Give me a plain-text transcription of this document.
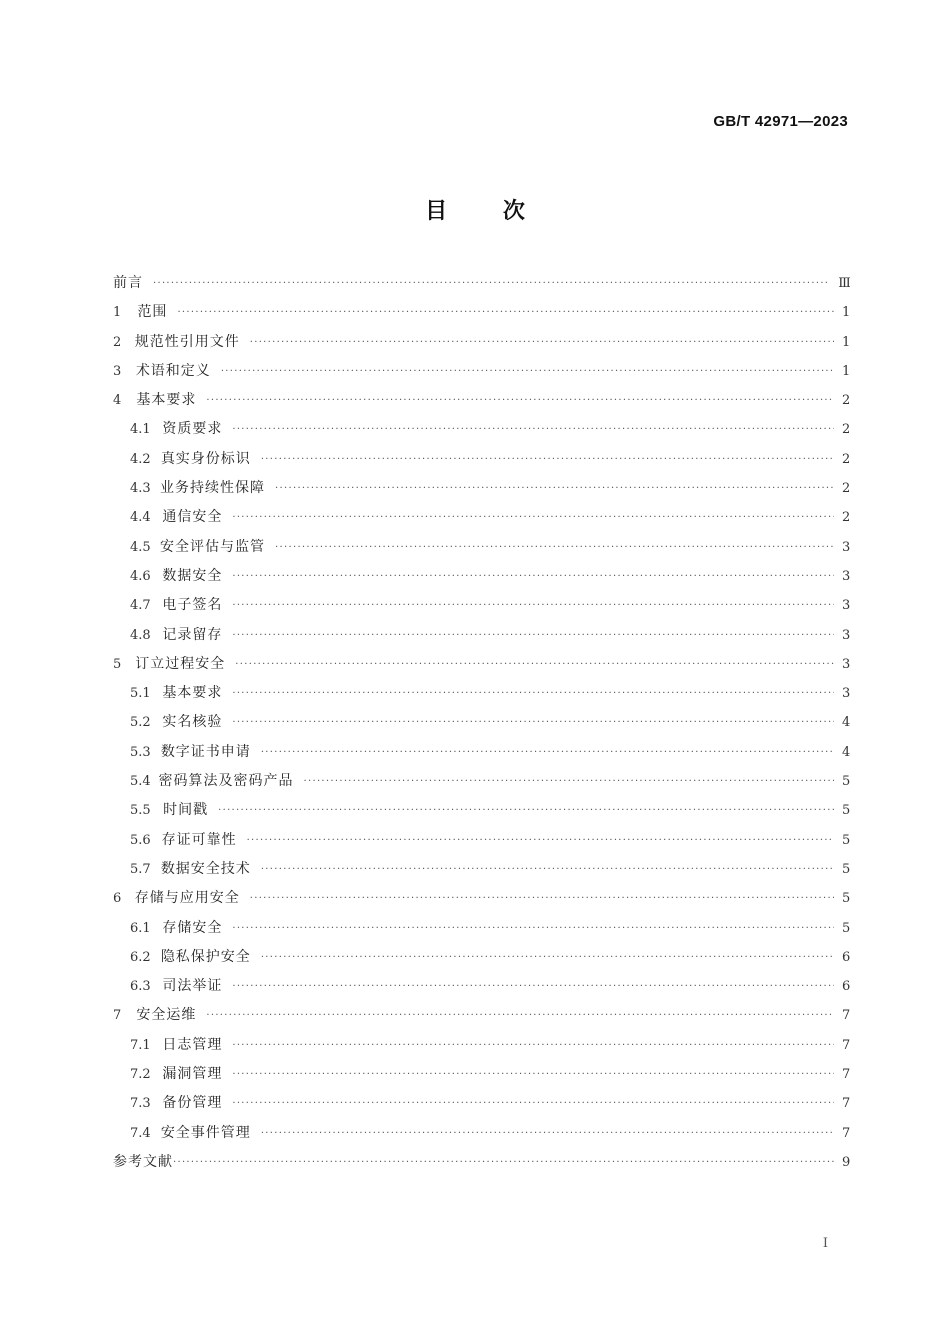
GB/T 42971—2023
目 次
前言 ·····	Ⅲ
1	范围 ·····	1
2 规范性引用文件 ·····	1
3	术语和定义 ·····	1
4	基本要求 ·····	2
4.1 资质要求 ·····	2
4.2 真实身份标识 ·····	2
4.3 业务持续性保障 ·····	2
4.4 通信安全 ·····	2
4.5 安全评估与监管 ·····	3
4.6 数据安全 ·····	3
4.7 电子签名 ·····	3
4.8 记录留存 ·····	3
5	订立过程安全 ·····	3
5.1 基本要求 ·····	3
5.2 实名核验 ·····	4
5.3 数字证书申请 ·····	4
5.4 密码算法及密码产品 ·····	5
5.5 时间戳 ·····	5
5.6 存证可靠性 ·····	5
5.7 数据安全技术 ·····	5
6 存储与应用安全 ·····	5
6.1 存储安全 ·····	5
6.2 隐私保护安全 ·····	6
6.3 司法举证 ·····	6
7	安全运维 ·····	7
7.1 日志管理 ·····	7
7.2 漏洞管理 ·····	7
7.3 备份管理 ·····	7
7.4 安全事件管理 ·····	7
参考文献 ·····	9
Ⅰ
